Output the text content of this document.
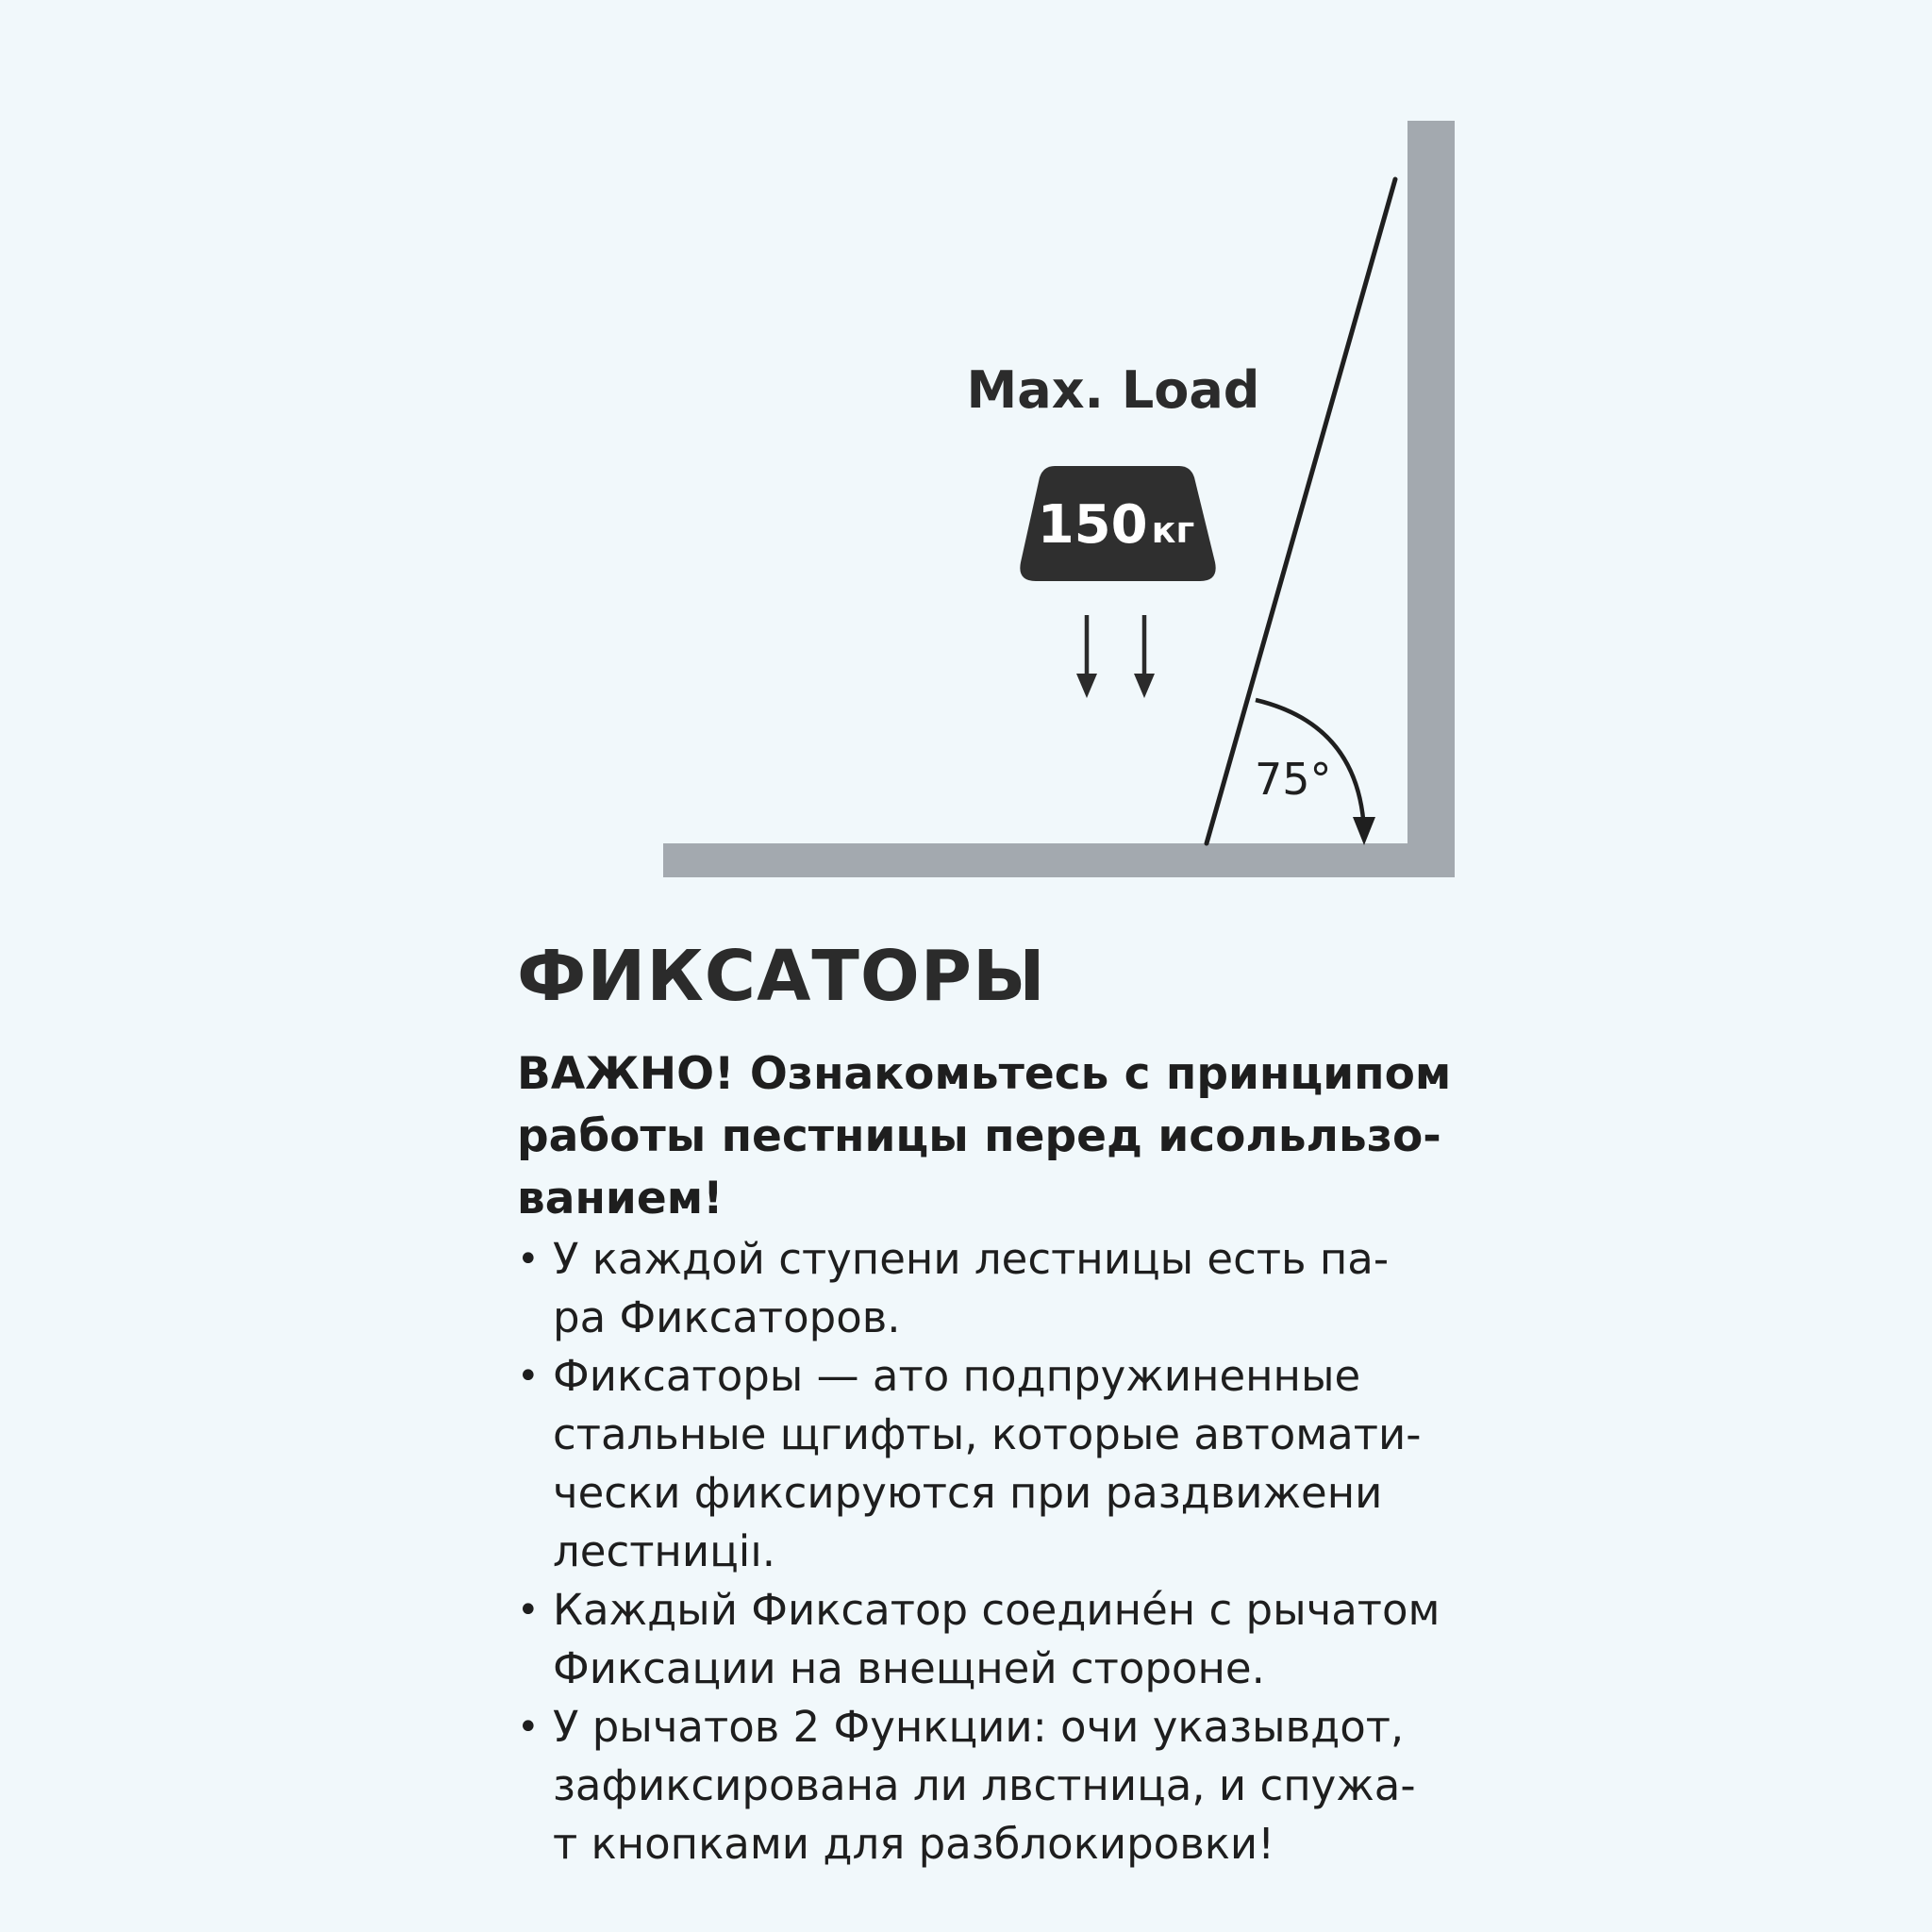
75°
Max. Load
150 кг
ФИКСАТОРЫ

ВАЖНО! Ознакомьтесь с принципом
работы пестницы перед исольльзо-
ванием!

• У каждой ступени лестницы есть па-
ра Фиксаторов.
• Фиксаторы — ато подпружиненные
стальные щгифты, которые автомати-
чески фиксируются при раздвижени
лестниціı.
• Каждый Фиксатор соединéн с рычатом
Фиксации на внещней стороне.
• У рычатов 2 Функции: очи указывдот,
зафиксирована ли лвстница, и спужа-
т кнопками для разблокировки!
